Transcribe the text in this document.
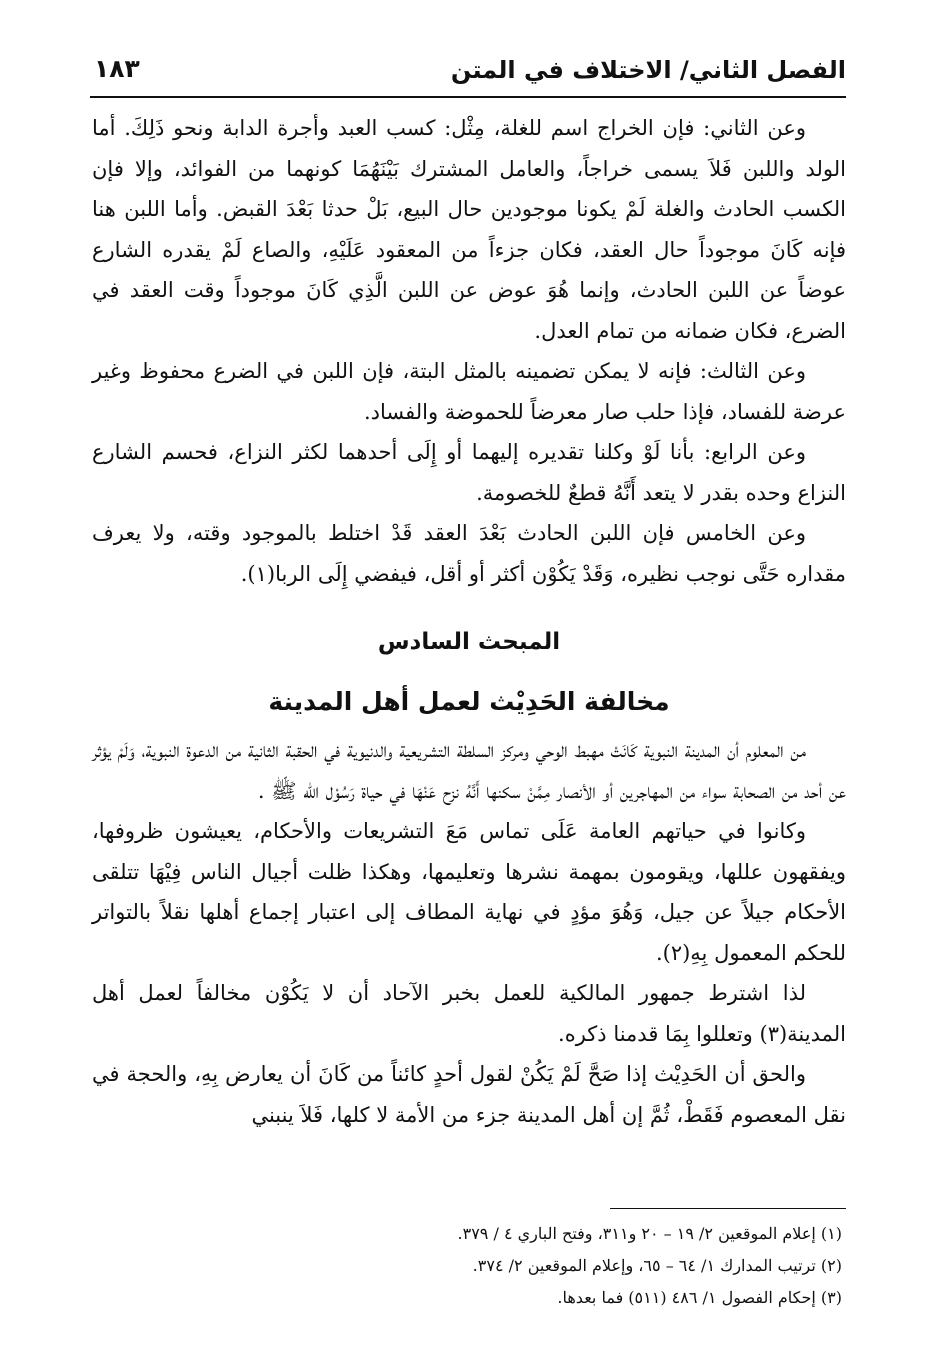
الفصل الثاني/ الاختلاف في المتن
١٨٣

وعن الثاني: فإن الخراج اسم للغلة، مِثْل: كسب العبد وأجرة الدابة ونحو ذَلِكَ. أما الولد واللبن فَلاَ يسمى خراجاً، والعامل المشترك بَيْنَهُمَا كونهما من الفوائد، وإلا فإن الكسب الحادث والغلة لَمْ يكونا موجودين حال البيع، بَلْ حدثا بَعْدَ القبض. وأما اللبن هنا فإنه كَانَ موجوداً حال العقد، فكان جزءاً من المعقود عَلَيْهِ، والصاع لَمْ يقدره الشارع عوضاً عن اللبن الحادث، وإنما هُوَ عوض عن اللبن الَّذِي كَانَ موجوداً وقت العقد في الضرع، فكان ضمانه من تمام العدل.

وعن الثالث: فإنه لا يمكن تضمينه بالمثل البتة، فإن اللبن في الضرع محفوظ وغير عرضة للفساد، فإذا حلب صار معرضاً للحموضة والفساد.

وعن الرابع: بأنا لَوْ وكلنا تقديره إليهما أو إِلَى أحدهما لكثر النزاع، فحسم الشارع النزاع وحده بقدر لا يتعد أَنَّهُ قطعٌ للخصومة.

وعن الخامس فإن اللبن الحادث بَعْدَ العقد قَدْ اختلط بالموجود وقته، ولا يعرف مقداره حَتَّى نوجب نظيره، وَقَدْ يَكُوْن أكثر أو أقل، فيفضي إِلَى الربا(١).

المبحث السادس
مخالفة الحَدِيْث لعمل أهل المدينة

من المعلوم أن المدينة النبوية كَانَتْ مهبط الوحي ومركز السلطة التشريعية والدنيوية في الحقبة الثانية من الدعوة النبوية، وَلَمْ يؤثر عن أحد من الصحابة سواء من المهاجرين أو الأنصار مِمَّنْ سكنها أَنَّهُ نزح عَنْهَا في حياة رَسُوْل الله ﷺ .

وكانوا في حياتهم العامة عَلَى تماس مَعَ التشريعات والأحكام، يعيشون ظروفها، ويفقهون عللها، ويقومون بمهمة نشرها وتعليمها، وهكذا ظلت أجيال الناس فِيْهَا تتلقى الأحكام جيلاً عن جيل، وَهُوَ مؤدٍ في نهاية المطاف إلى اعتبار إجماع أهلها نقلاً بالتواتر للحكم المعمول بِهِ(٢).

لذا اشترط جمهور المالكية للعمل بخبر الآحاد أن لا يَكُوْن مخالفاً لعمل أهل المدينة(٣) وتعللوا بِمَا قدمنا ذكره.

والحق أن الحَدِيْث إذا صَحَّ لَمْ يَكُنْ لقول أحدٍ كائناً من كَانَ أن يعارض بِهِ، والحجة في نقل المعصوم فَقَطْ، ثُمَّ إن أهل المدينة جزء من الأمة لا كلها، فَلاَ ينبني

(١) إعلام الموقعين ٢/ ١٩ – ٢٠ و٣١١، وفتح الباري ٤ / ٣٧٩.
(٢) ترتيب المدارك ١/ ٦٤ – ٦٥، وإعلام الموقعين ٢/ ٣٧٤.
(٣) إحكام الفصول ١/ ٤٨٦ (٥١١) فما بعدها.
